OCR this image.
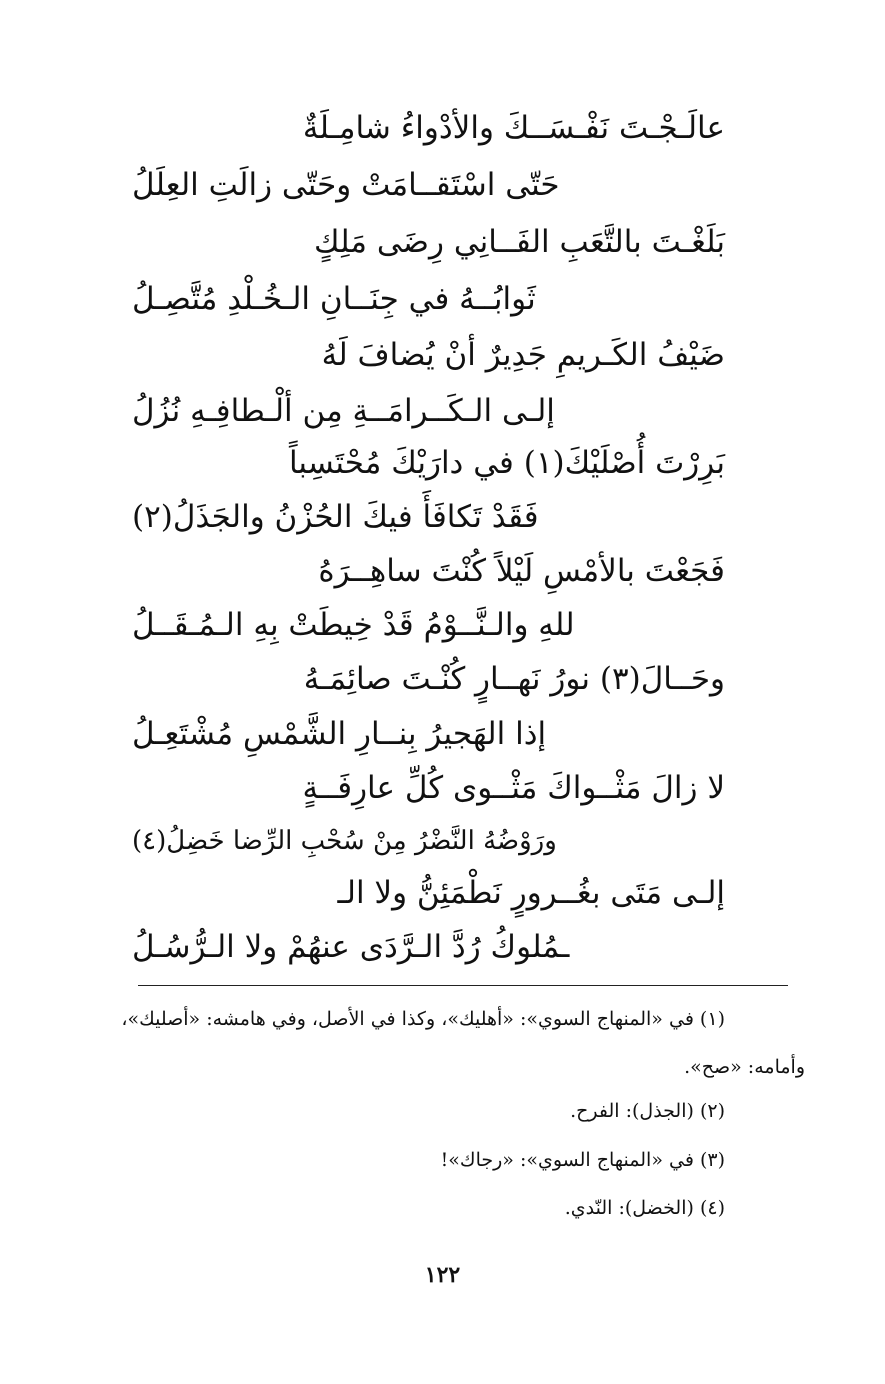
عالَـجْـتَ نَفْـسَــكَ والأدْواءُ شامِـلَةٌ
حَتّى اسْتَقــامَتْ وحَتّى زالَتِ العِلَلُ
بَلَغْـتَ بالتَّعَبِ الفَــانِي رِضَى مَلِكٍ
ثَوابُــهُ في جِنَــانِ الـخُـلْدِ مُتَّصِـلُ
ضَيْفُ الكَـريمِ جَدِيرٌ أنْ يُضافَ لَهُ
إلـى الـكَــرامَــةِ مِن ألْـطافِـهِ نُزُلُ
بَرِرْتَ أُصْلَيْكَ(١) في دارَيْكَ مُحْتَسِباً
فَقَدْ تَكافَأَ فيكَ الحُزْنُ والجَذَلُ(٢)
فَجَعْتَ بالأمْسِ لَيْلاً كُنْتَ ساهِــرَهُ
للهِ والـنَّــوْمُ قَدْ خِيطَتْ بِهِ الـمُـقَــلُ
وحَــالَ(٣) نورُ نَهــارٍ كُنْـتَ صائِمَـهُ
إذا الهَجيرُ بِنــارِ الشَّمْسِ مُشْتَعِـلُ
لا زالَ مَثْــواكَ مَثْــوى كُلِّ عارِفَــةٍ
ورَوْضُهُ النَّضْرُ مِنْ سُحْبِ الرِّضا خَضِلُ(٤)
إلـى مَتَى بغُــرورٍ نَطْمَئِنُّ ولا الـ
ـمُلوكُ رُدَّ الـرَّدَى عنهُمْ ولا الـرُّسُـلُ
(١) في «المنهاج السوي»: «أهليك»، وكذا في الأصل، وفي هامشه: «أصليك»،
وأمامه: «صح».
(٢) (الجذل): الفرح.
(٣) في «المنهاج السوي»: «رجاك»!
(٤) (الخضل): النّدي.
١٢٢
